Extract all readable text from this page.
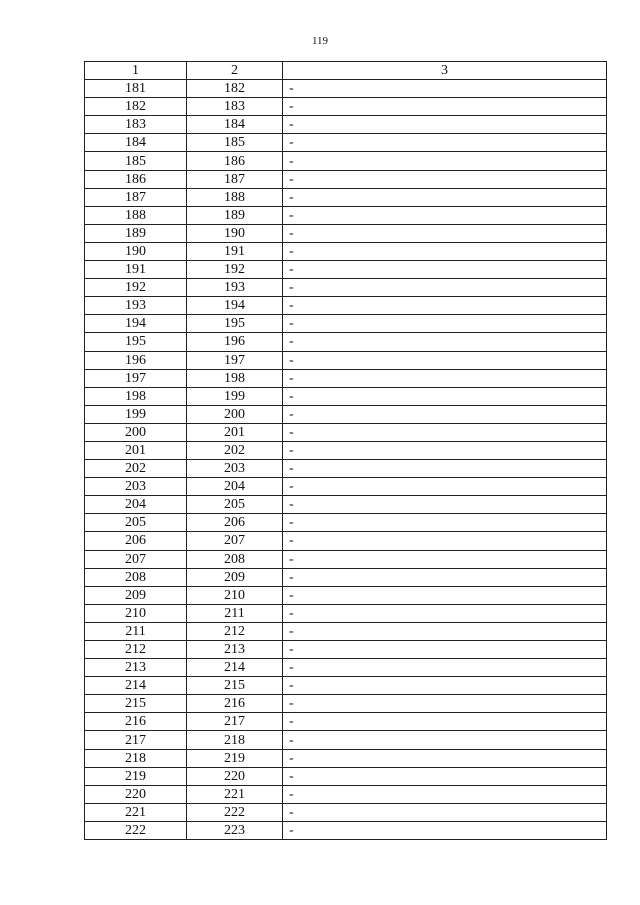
119
1	2	3
181	182	-
182	183	-
183	184	-
184	185	-
185	186	-
186	187	-
187	188	-
188	189	-
189	190	-
190	191	-
191	192	-
192	193	-
193	194	-
194	195	-
195	196	-
196	197	-
197	198	-
198	199	-
199	200	-
200	201	-
201	202	-
202	203	-
203	204	-
204	205	-
205	206	-
206	207	-
207	208	-
208	209	-
209	210	-
210	211	-
211	212	-
212	213	-
213	214	-
214	215	-
215	216	-
216	217	-
217	218	-
218	219	-
219	220	-
220	221	-
221	222	-
222	223	-
